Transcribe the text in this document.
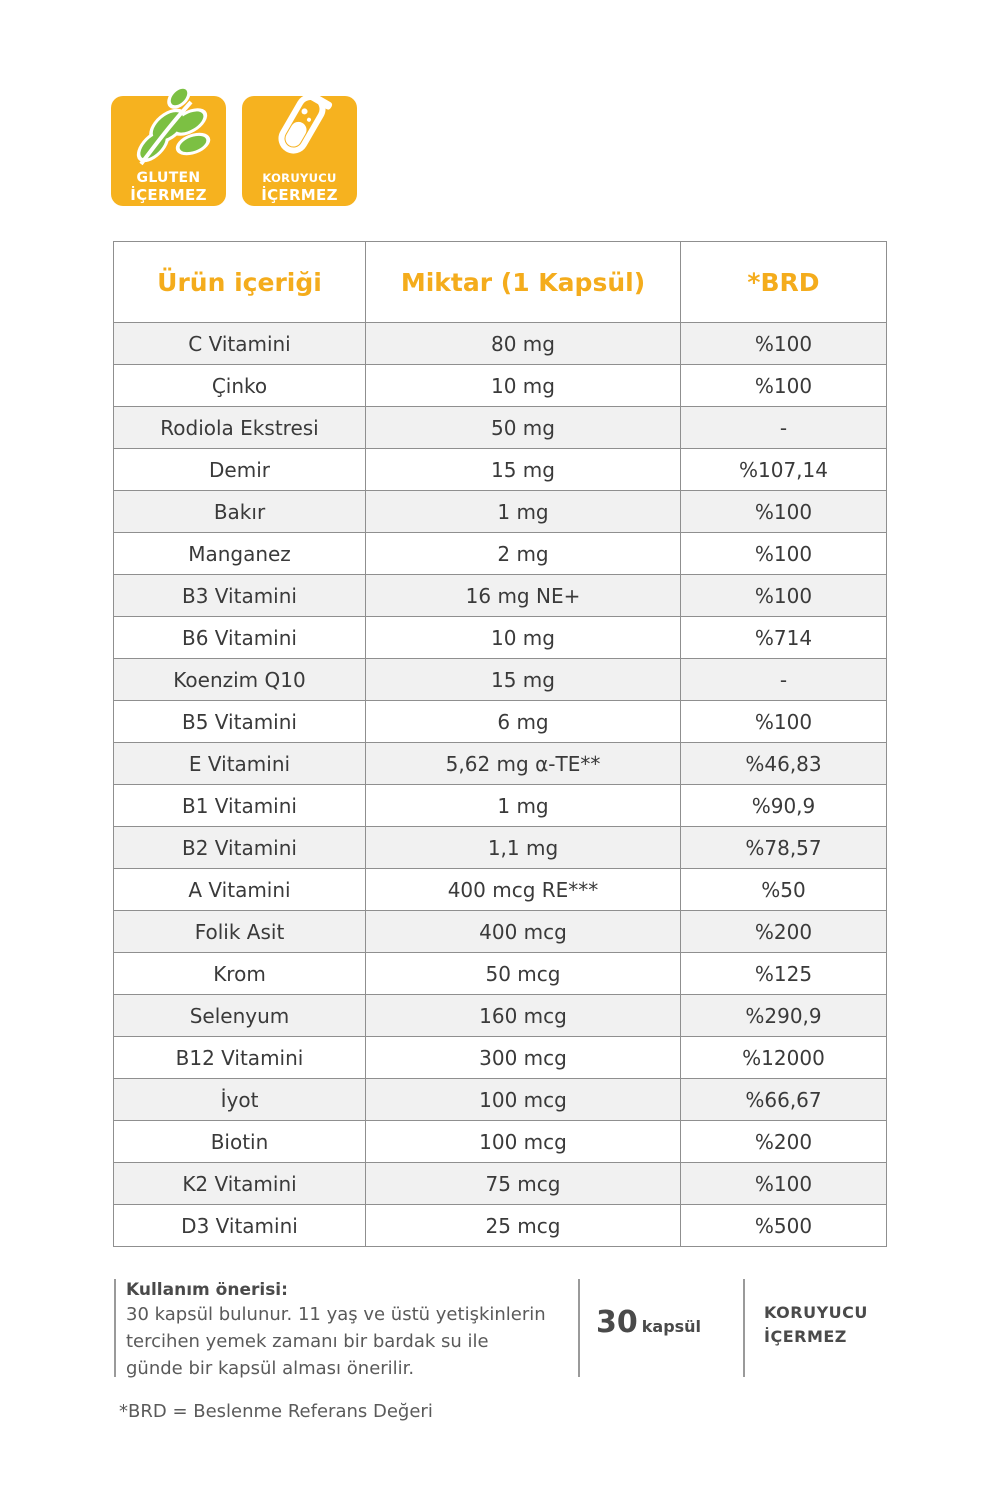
GLUTEN
İÇERMEZ
KORUYUCU
İÇERMEZ
Ürün içeriği	Miktar (1 Kapsül)	*BRD
C Vitamini	80 mg	%100
Çinko	10 mg	%100
Rodiola Ekstresi	50 mg	-
Demir	15 mg	%107,14
Bakır	1 mg	%100
Manganez	2 mg	%100
B3 Vitamini	16 mg NE+	%100
B6 Vitamini	10 mg	%714
Koenzim Q10	15 mg	-
B5 Vitamini	6 mg	%100
E Vitamini	5,62 mg α-TE**	%46,83
B1 Vitamini	1 mg	%90,9
B2 Vitamini	1,1 mg	%78,57
A Vitamini	400 mcg RE***	%50
Folik Asit	400 mcg	%200
Krom	50 mcg	%125
Selenyum	160 mcg	%290,9
B12 Vitamini	300 mcg	%12000
İyot	100 mcg	%66,67
Biotin	100 mcg	%200
K2 Vitamini	75 mcg	%100
D3 Vitamini	25 mcg	%500
Kullanım önerisi:
30 kapsül bulunur. 11 yaş ve üstü yetişkinlerin
tercihen yemek zamanı bir bardak su ile
günde bir kapsül alması önerilir.
30 kapsül
KORUYUCU
İÇERMEZ
*BRD = Beslenme Referans Değeri
